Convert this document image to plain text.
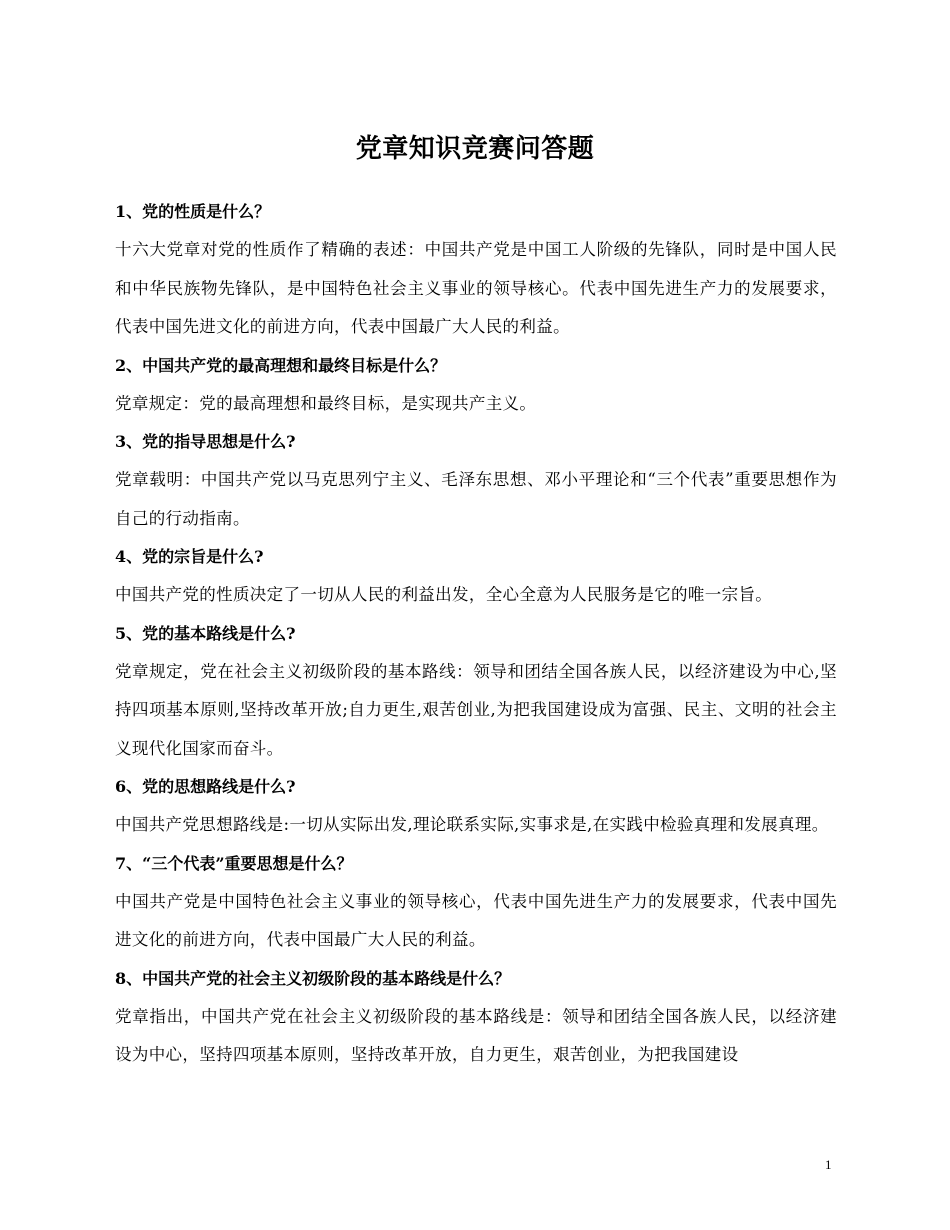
党章知识竞赛问答题

1、党的性质是什么？

十六大党章对党的性质作了精确的表述：中国共产党是中国工人阶级的先锋队，同时是中国人民和中华民族物先锋队，是中国特色社会主义事业的领导核心。代表中国先进生产力的发展要求，代表中国先进文化的前进方向，代表中国最广大人民的利益。

2、中国共产党的最高理想和最终目标是什么？

党章规定：党的最高理想和最终目标，是实现共产主义。

3、党的指导思想是什么?

党章载明：中国共产党以马克思列宁主义、毛泽东思想、邓小平理论和“三个代表”重要思想作为自己的行动指南。

4、党的宗旨是什么?

中国共产党的性质决定了一切从人民的利益出发，全心全意为人民服务是它的唯一宗旨。

5、党的基本路线是什么?

党章规定，党在社会主义初级阶段的基本路线：领导和团结全国各族人民，以经济建设为中心,坚持四项基本原则,坚持改革开放;自力更生,艰苦创业,为把我国建设成为富强、民主、文明的社会主义现代化国家而奋斗。

6、党的思想路线是什么?

中国共产党思想路线是:一切从实际出发,理论联系实际,实事求是,在实践中检验真理和发展真理。

7、“三个代表”重要思想是什么？

中国共产党是中国特色社会主义事业的领导核心，代表中国先进生产力的发展要求，代表中国先进文化的前进方向，代表中国最广大人民的利益。

8、中国共产党的社会主义初级阶段的基本路线是什么？

党章指出，中国共产党在社会主义初级阶段的基本路线是：领导和团结全国各族人民，以经济建设为中心，坚持四项基本原则，坚持改革开放，自力更生，艰苦创业，为把我国建设

1
